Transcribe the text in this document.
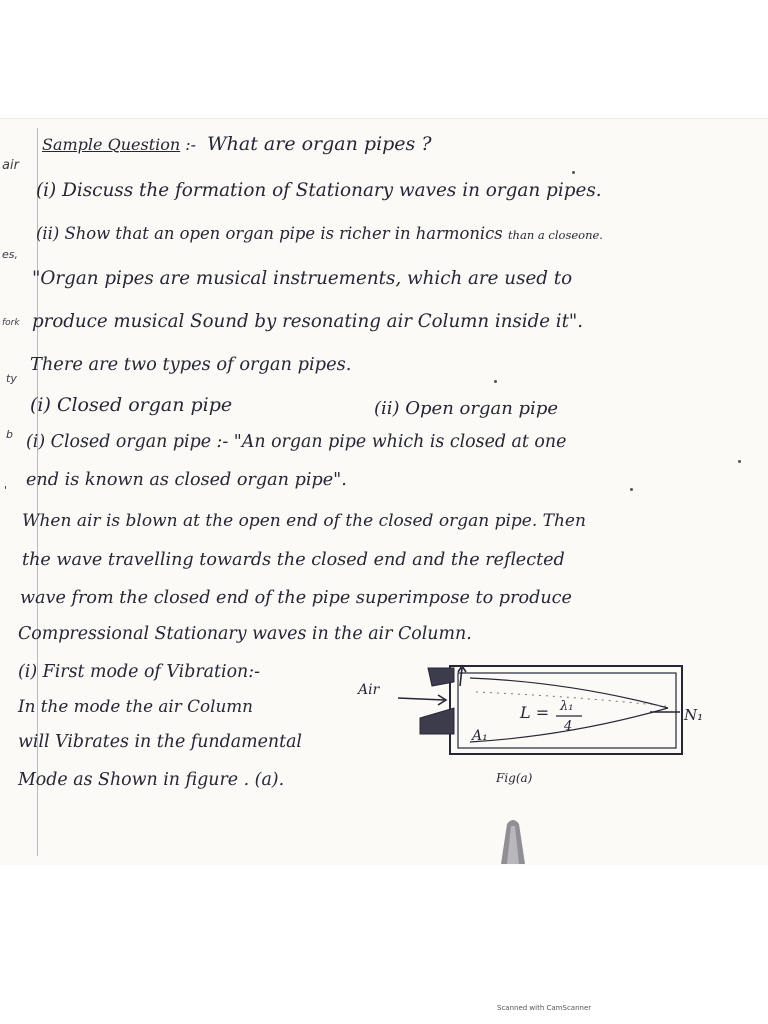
air
es,
fork
ty
b
'
Sample Question :- What are organ pipes ?
(i) Discuss the formation of Stationary waves in organ pipes.
(ii) Show that an open organ pipe is richer in harmonics than a closeone.
"Organ pipes are musical instruements, which are used to
produce musical Sound by resonating air Column inside it".
There are two types of organ pipes.
(i) Closed organ pipe	(ii) Open organ pipe
(i) Closed organ pipe :- "An organ pipe which is closed at one
end is known as closed organ pipe".
When air is blown at the open end of the closed organ pipe. Then
the wave travelling towards the closed end and the reflected
wave from the closed end of the pipe superimpose to produce
Compressional Stationary waves in the air Column.
(i) First mode of Vibration:-
In the mode the air Column
will Vibrates in the fundamental
Mode as Shown in figure . (a).
Air
A₁
N₁
L = λ₁
4
Fig(a)
Scanned with CamScanner
